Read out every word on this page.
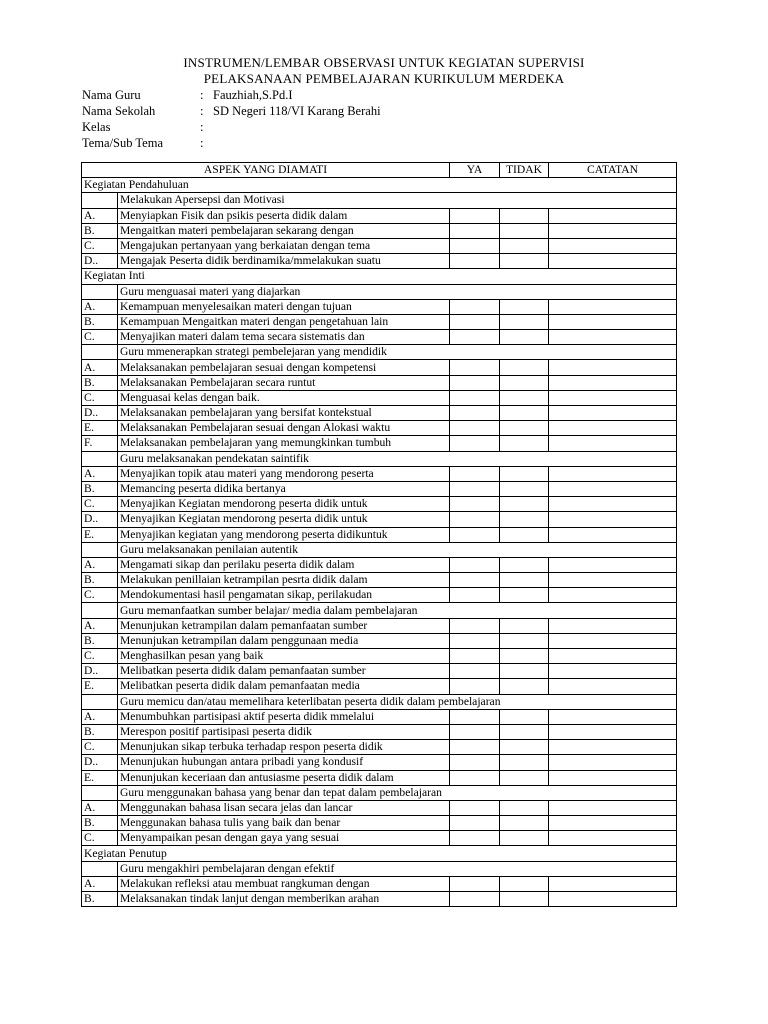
INSTRUMEN/LEMBAR OBSERVASI UNTUK KEGIATAN SUPERVISI
PELAKSANAAN PEMBELAJARAN KURIKULUM MERDEKA
Nama Guru	: Fauzhiah,S.Pd.I
Nama Sekolah	: SD Negeri 118/VI Karang Berahi
Kelas	:
Tema/Sub Tema	:
ASPEK YANG DIAMATI		YA	TIDAK	CATATAN
Kegiatan Pendahuluan				
	Melakukan Apersepsi dan Motivasi			
A.	Menyiapkan Fisik dan psikis peserta didik dalam			
B.	Mengaitkan materi pembelajaran sekarang dengan			
C.	Mengajukan pertanyaan yang berkaiatan dengan tema			
D..	Mengajak Peserta didik berdinamika/mmelakukan suatu			
Kegiatan Inti				
	Guru menguasai materi yang diajarkan			
A.	Kemampuan menyelesaikan materi dengan tujuan			
B.	Kemampuan Mengaitkan materi dengan pengetahuan lain			
C.	Menyajikan materi dalam tema secara sistematis dan			
	Guru mmenerapkan strategi pembelejaran yang mendidik			
A.	Melaksanakan pembelajaran sesuai dengan kompetensi			
B.	Melaksanakan Pembelajaran secara runtut			
C.	Menguasai kelas dengan baik.			
D..	Melaksanakan pembelajaran yang bersifat kontekstual			
E.	Melaksanakan Pembelajaran sesuai dengan Alokasi waktu			
F.	Melaksanakan pembelajaran yang memungkinkan tumbuh			
	Guru melaksanakan pendekatan saintifik			
A.	Menyajikan topik atau materi yang mendorong peserta			
B.	Memancing peserta didika bertanya			
C.	Menyajikan Kegiatan mendorong peserta didik untuk			
D..	Menyajikan Kegiatan mendorong peserta didik untuk			
E.	Menyajikan kegiatan yang mendorong peserta didikuntuk			
	Guru melaksanakan penilaian autentik			
A.	Mengamati sikap dan perilaku peserta didik dalam			
B.	Melakukan penillaian ketrampilan pesrta didik dalam			
C.	Mendokumentasi hasil pengamatan sikap, perilakudan			
	Guru memanfaatkan sumber belajar/ media dalam pembelajaran			
A.	Menunjukan ketrampilan dalam pemanfaatan sumber			
B.	Menunjukan ketrampilan dalam penggunaan media			
C.	Menghasilkan pesan yang baik			
D..	Melibatkan peserta didik dalam pemanfaatan sumber			
E.	Melibatkan peserta didik dalam pemanfaatan media			
	Guru memicu dan/atau memelihara keterlibatan peserta didik dalam pembelajaran			
A.	Menumbuhkan partisipasi aktif peserta didik mmelalui			
B.	Merespon positif partisipasi peserta didik			
C.	Menunjukan sikap terbuka terhadap respon peserta didik			
D..	Menunjukan hubungan antara pribadi yang kondusif			
E.	Menunjukan keceriaan dan antusiasme peserta didik dalam			
	Guru menggunakan bahasa yang benar dan tepat dalam pembelajaran			
A.	Menggunakan bahasa lisan secara jelas dan lancar			
B.	Menggunakan bahasa tulis yang baik dan benar			
C.	Menyampaikan pesan dengan gaya yang sesuai			
Kegiatan Penutup				
	Guru mengakhiri pembelajaran dengan efektif			
A.	Melakukan refleksi atau membuat rangkuman dengan			
B.	Melaksanakan tindak lanjut dengan memberikan arahan			
